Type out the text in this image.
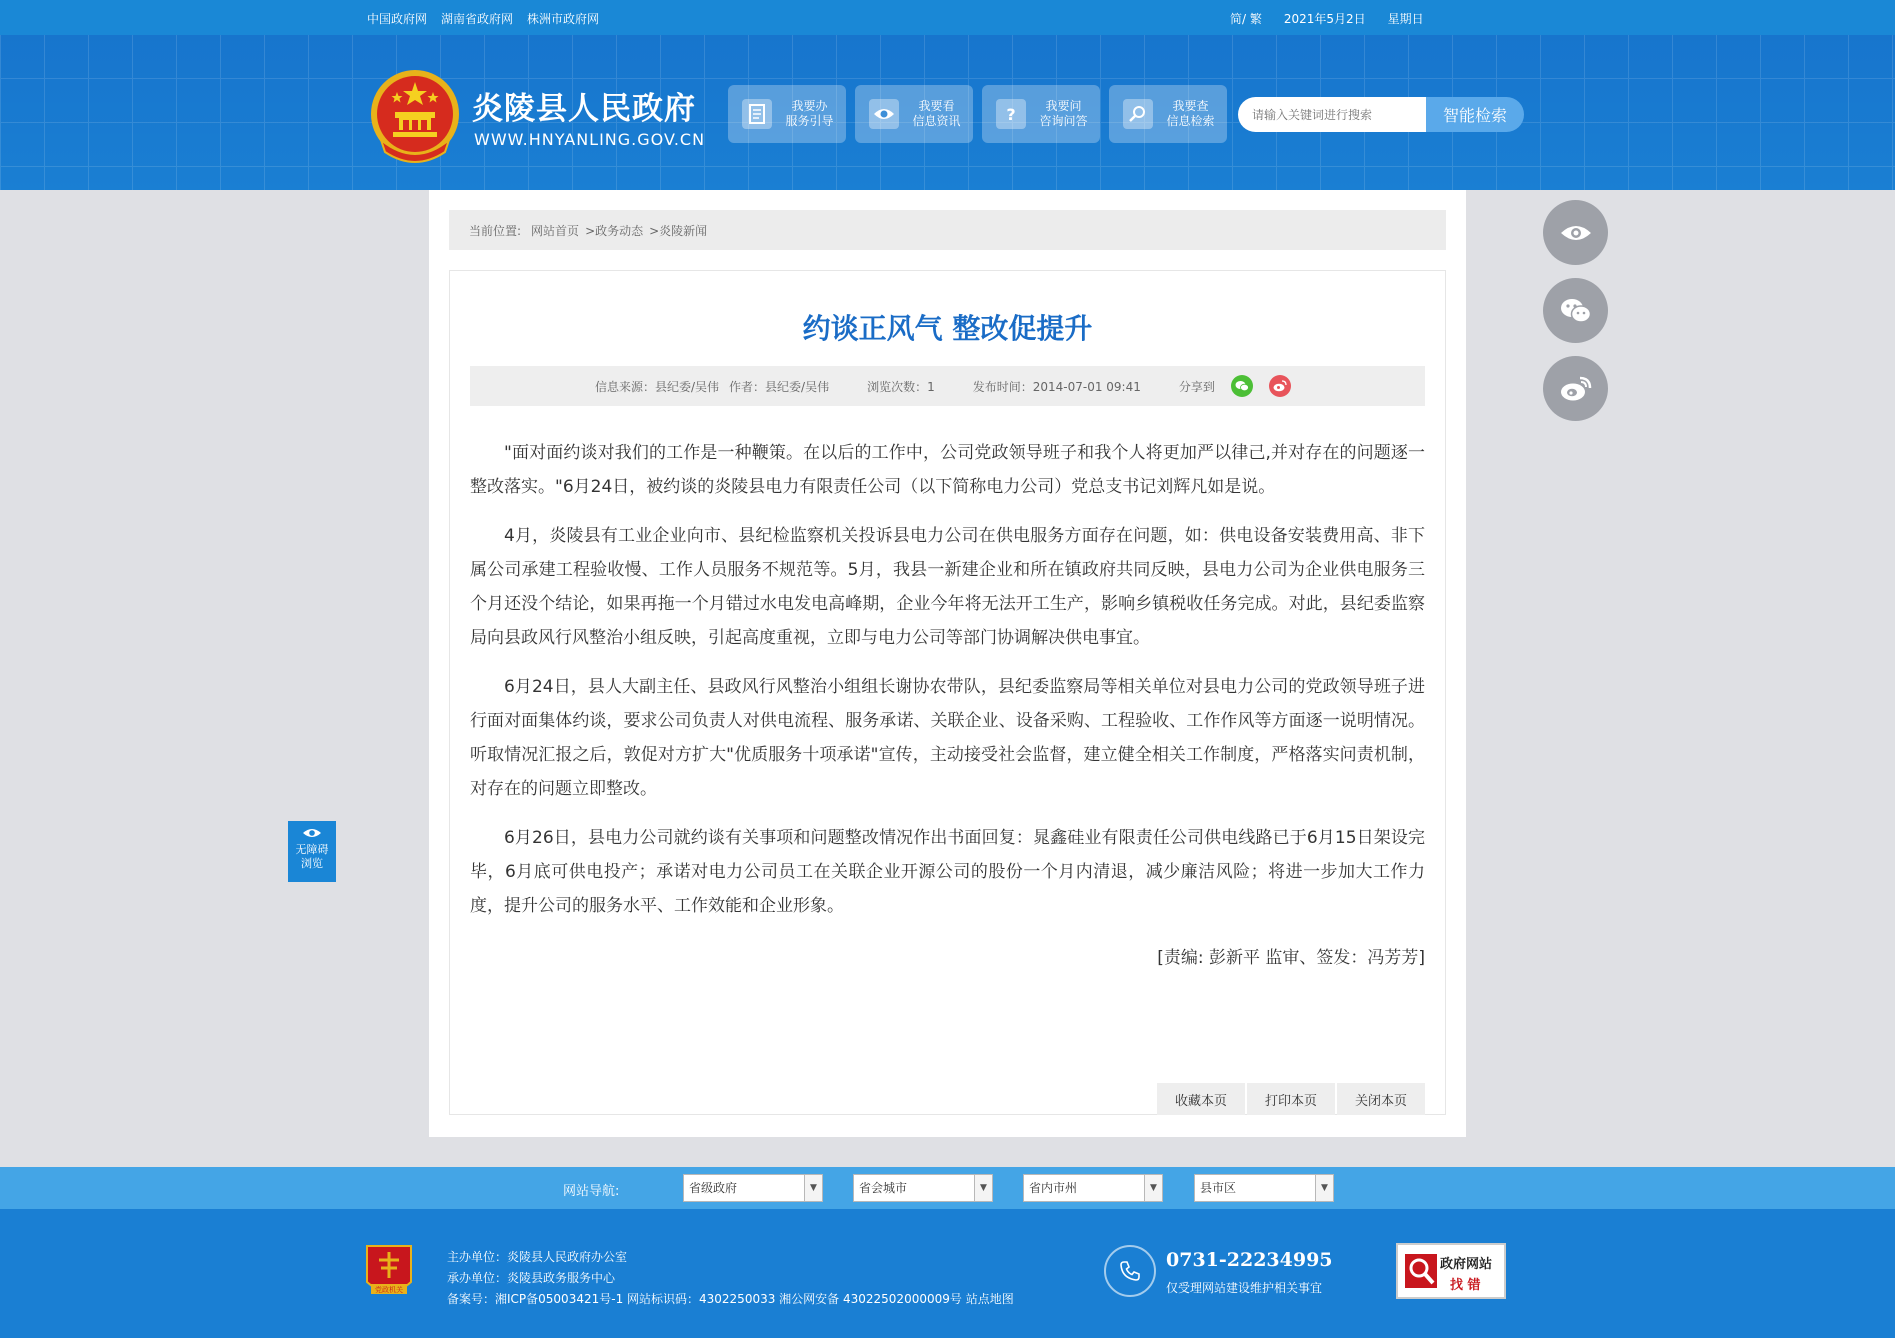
中国政府网 湖南省政府网 株洲市政府网	简/ 繁 2021年5月2日 星期日
炎陵县人民政府
WWW.HNYANLING.GOV.CN
我要办
服务引导
我要看
信息资讯	?	我要问
咨询问答
我要查
信息检索
请输入关键词进行搜索	智能检索
当前位置: 网站首页 >政务动态 >炎陵新闻
约谈正风气 整改促提升
信息来源：县纪委/吴伟 作者：县纪委/吴伟	浏览次数：1	发布时间：2014-07-01 09:41	分享到

"面对面约谈对我们的工作是一种鞭策。在以后的工作中，公司党政领导班子和我个人将更加严以律己,并对存在的问题逐一整改落实。"6月24日，被约谈的炎陵县电力有限责任公司（以下简称电力公司）党总支书记刘辉凡如是说。

4月，炎陵县有工业企业向市、县纪检监察机关投诉县电力公司在供电服务方面存在问题，如：供电设备安装费用高、非下属公司承建工程验收慢、工作人员服务不规范等。5月，我县一新建企业和所在镇政府共同反映，县电力公司为企业供电服务三个月还没个结论，如果再拖一个月错过水电发电高峰期，企业今年将无法开工生产，影响乡镇税收任务完成。对此，县纪委监察局向县政风行风整治小组反映，引起高度重视，立即与电力公司等部门协调解决供电事宜。

6月24日，县人大副主任、县政风行风整治小组组长谢协农带队，县纪委监察局等相关单位对县电力公司的党政领导班子进行面对面集体约谈，要求公司负责人对供电流程、服务承诺、关联企业、设备采购、工程验收、工作作风等方面逐一说明情况。听取情况汇报之后，敦促对方扩大"优质服务十项承诺"宣传，主动接受社会监督，建立健全相关工作制度，严格落实问责机制，对存在的问题立即整改。

6月26日，县电力公司就约谈有关事项和问题整改情况作出书面回复：晁鑫硅业有限责任公司供电线路已于6月15日架设完毕，6月底可供电投产；承诺对电力公司员工在关联企业开源公司的股份一个月内清退，减少廉洁风险；将进一步加大工作力度，提升公司的服务水平、工作效能和企业形象。

[责编: 彭新平 监审、签发：冯芳芳]
收藏本页	打印本页	关闭本页
无障碍
浏览
网站导航:	省级政府	▼	省会城市	▼	省内市州	▼	县市区	▼
党政机关
主办单位：炎陵县人民政府办公室
承办单位：炎陵县政务服务中心
备案号：湘ICP备05003421号-1 网站标识码：4302250033 湘公网安备 43022502000009号 站点地图
0731-22234995
仅受理网站建设维护相关事宜
政府网站
找 错
